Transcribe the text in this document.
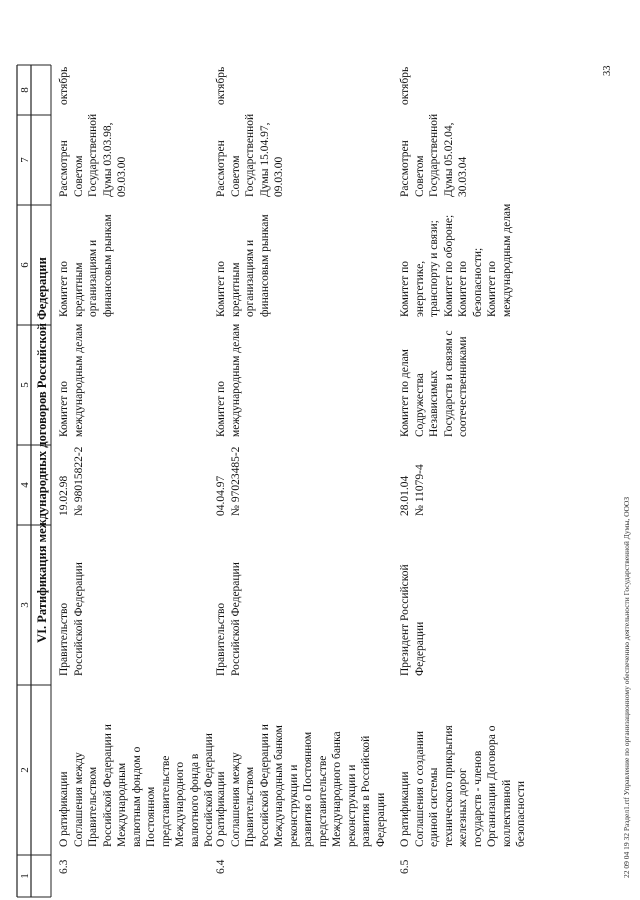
1
2
3
4
5
6
7
8
VI. Ратификация международных договоров Российской Федерации
6.3
О ратификации
Соглашения между
Правительством
Российской Федерации и
Международным
валютным фондом о
Постоянном
представительстве
Международного
валютного фонда в
Российской Федерации
Правительство
Российской Федерации
19.02.98
№ 98015822-2
Комитет по
международным делам
Комитет по
кредитным
организациям и
финансовым рынкам
Рассмотрен
Советом
Государственной
Думы 03.03.98,
09.03.00
октябрь
6.4
О ратификации
Соглашения между
Правительством
Российской Федерации и
Международным банком
реконструкции и
развития о Постоянном
представительстве
Международного банка
реконструкции и
развития в Российской
Федерации
Правительство
Российской Федерации
04.04.97
№ 97023485-2
Комитет по
международным делам
Комитет по
кредитным
организациям и
финансовым рынкам
Рассмотрен
Советом
Государственной
Думы 15.04.97,
09.03.00
октябрь
6.5
О ратификации
Соглашения о создании
единой системы
технического прикрытия
железных дорог
государств - членов
Организации Договора о
коллективной
безопасности
Президент Российской
Федерации
28.01.04
№ 11079-4
Комитет по делам
Содружества
Независимых
Государств и связям с
соотечественниками
Комитет по
энергетике,
транспорту и связи;
Комитет по обороне;
Комитет по
безопасности;
Комитет по
международным делам
Рассмотрен
Советом
Государственной
Думы 05.02.04,
30.03.04
октябрь	33
22 09 04 19 32 Раздел1.rtf Управление по организационному обеспечению деятельности Государственной Думы, ОООЗ
